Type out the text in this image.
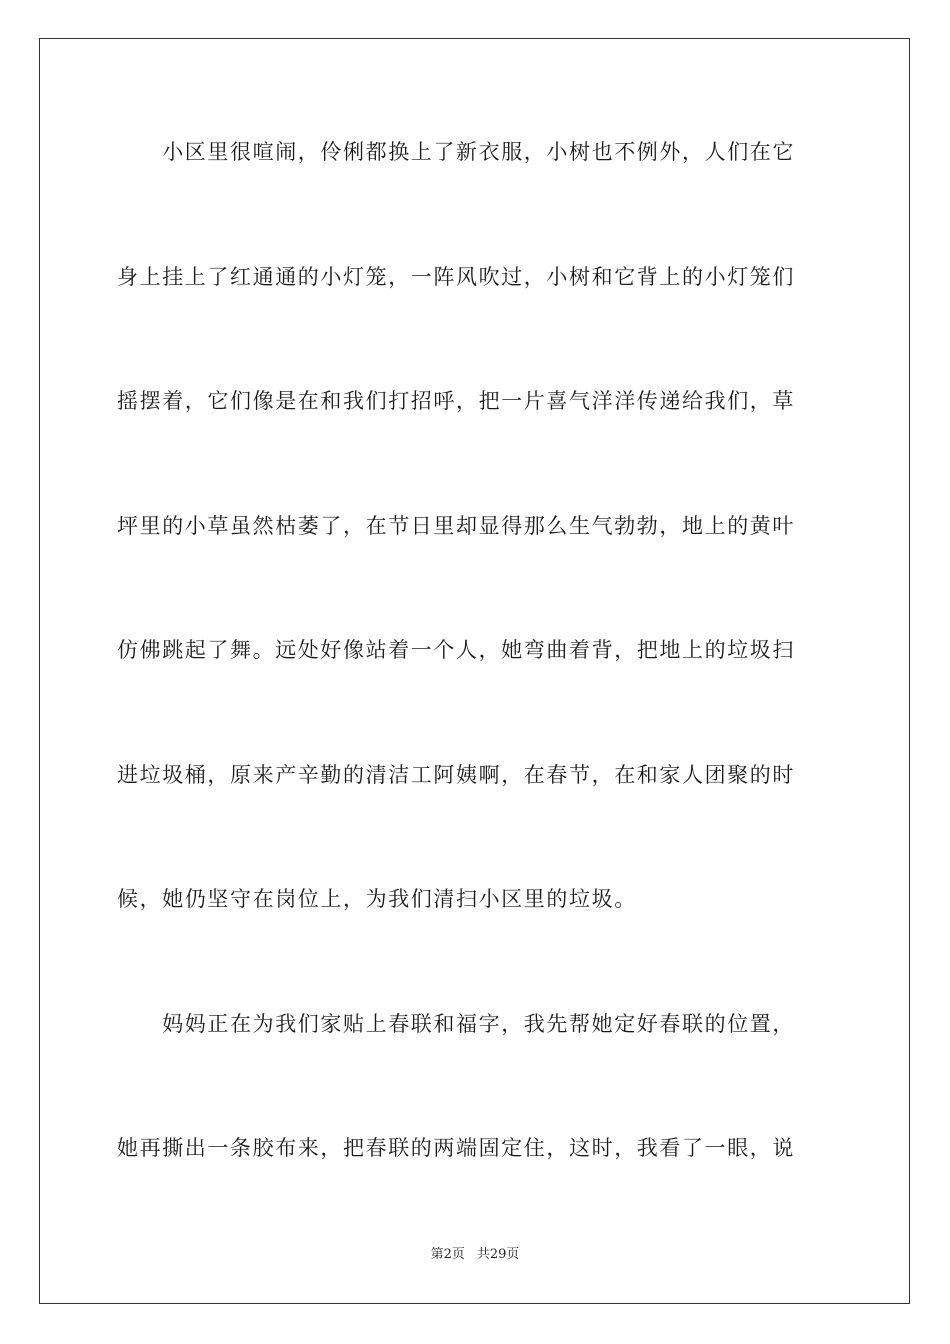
　　小区里很喧闹，伶俐都换上了新衣服，小树也不例外，人们在它
身上挂上了红通通的小灯笼，一阵风吹过，小树和它背上的小灯笼们
摇摆着，它们像是在和我们打招呼，把一片喜气洋洋传递给我们，草
坪里的小草虽然枯萎了，在节日里却显得那么生气勃勃，地上的黄叶
仿佛跳起了舞。远处好像站着一个人，她弯曲着背，把地上的垃圾扫
进垃圾桶，原来产辛勤的清洁工阿姨啊，在春节，在和家人团聚的时
候，她仍坚守在岗位上，为我们清扫小区里的垃圾。
　　妈妈正在为我们家贴上春联和福字，我先帮她定好春联的位置，
她再撕出一条胶布来，把春联的两端固定住，这时，我看了一眼，说
第2页 共29页
